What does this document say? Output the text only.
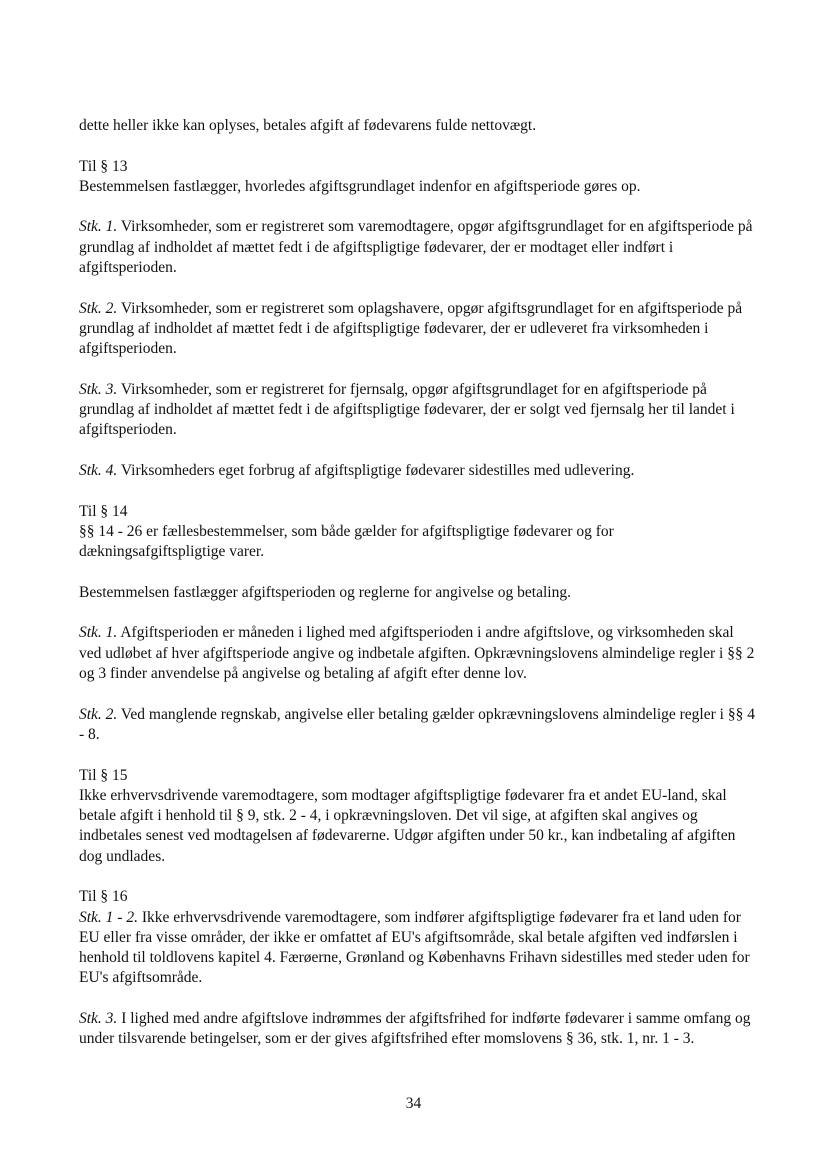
dette heller ikke kan oplyses, betales afgift af fødevarens fulde nettovægt.

Til § 13
Bestemmelsen fastlægger, hvorledes afgiftsgrundlaget indenfor en afgiftsperiode gøres op.

Stk. 1. Virksomheder, som er registreret som varemodtagere, opgør afgiftsgrundlaget for en afgiftsperiode på grundlag af indholdet af mættet fedt i de afgiftspligtige fødevarer, der er modtaget eller indført i afgiftsperioden.

Stk. 2. Virksomheder, som er registreret som oplagshavere, opgør afgiftsgrundlaget for en afgiftsperiode på grundlag af indholdet af mættet fedt i de afgiftspligtige fødevarer, der er udleveret fra virksomheden i afgiftsperioden.

Stk. 3. Virksomheder, som er registreret for fjernsalg, opgør afgiftsgrundlaget for en afgiftsperiode på grundlag af indholdet af mættet fedt i de afgiftspligtige fødevarer, der er solgt ved fjernsalg her til landet i afgiftsperioden.

Stk. 4. Virksomheders eget forbrug af afgiftspligtige fødevarer sidestilles med udlevering.

Til § 14
§§ 14 - 26 er fællesbestemmelser, som både gælder for afgiftspligtige fødevarer og for dækningsafgiftspligtige varer.

Bestemmelsen fastlægger afgiftsperioden og reglerne for angivelse og betaling.

Stk. 1. Afgiftsperioden er måneden i lighed med afgiftsperioden i andre afgiftslove, og virksomheden skal ved udløbet af hver afgiftsperiode angive og indbetale afgiften. Opkrævningslovens almindelige regler i §§ 2 og 3 finder anvendelse på angivelse og betaling af afgift efter denne lov.

Stk. 2. Ved manglende regnskab, angivelse eller betaling gælder opkrævningslovens almindelige regler i §§ 4 - 8.

Til § 15
Ikke erhvervsdrivende varemodtagere, som modtager afgiftspligtige fødevarer fra et andet EU-land, skal betale afgift i henhold til § 9, stk. 2 - 4, i opkrævningsloven. Det vil sige, at afgiften skal angives og indbetales senest ved modtagelsen af fødevarerne. Udgør afgiften under 50 kr., kan indbetaling af afgiften dog undlades.

Til § 16
Stk. 1 - 2. Ikke erhvervsdrivende varemodtagere, som indfører afgiftspligtige fødevarer fra et land uden for EU eller fra visse områder, der ikke er omfattet af EU's afgiftsområde, skal betale afgiften ved indførslen i henhold til toldlovens kapitel 4. Færøerne, Grønland og Københavns Frihavn sidestilles med steder uden for EU's afgiftsområde.

Stk. 3. I lighed med andre afgiftslove indrømmes der afgiftsfrihed for indførte fødevarer i samme omfang og under tilsvarende betingelser, som er der gives afgiftsfrihed efter momslovens § 36, stk. 1, nr. 1 - 3.

34
